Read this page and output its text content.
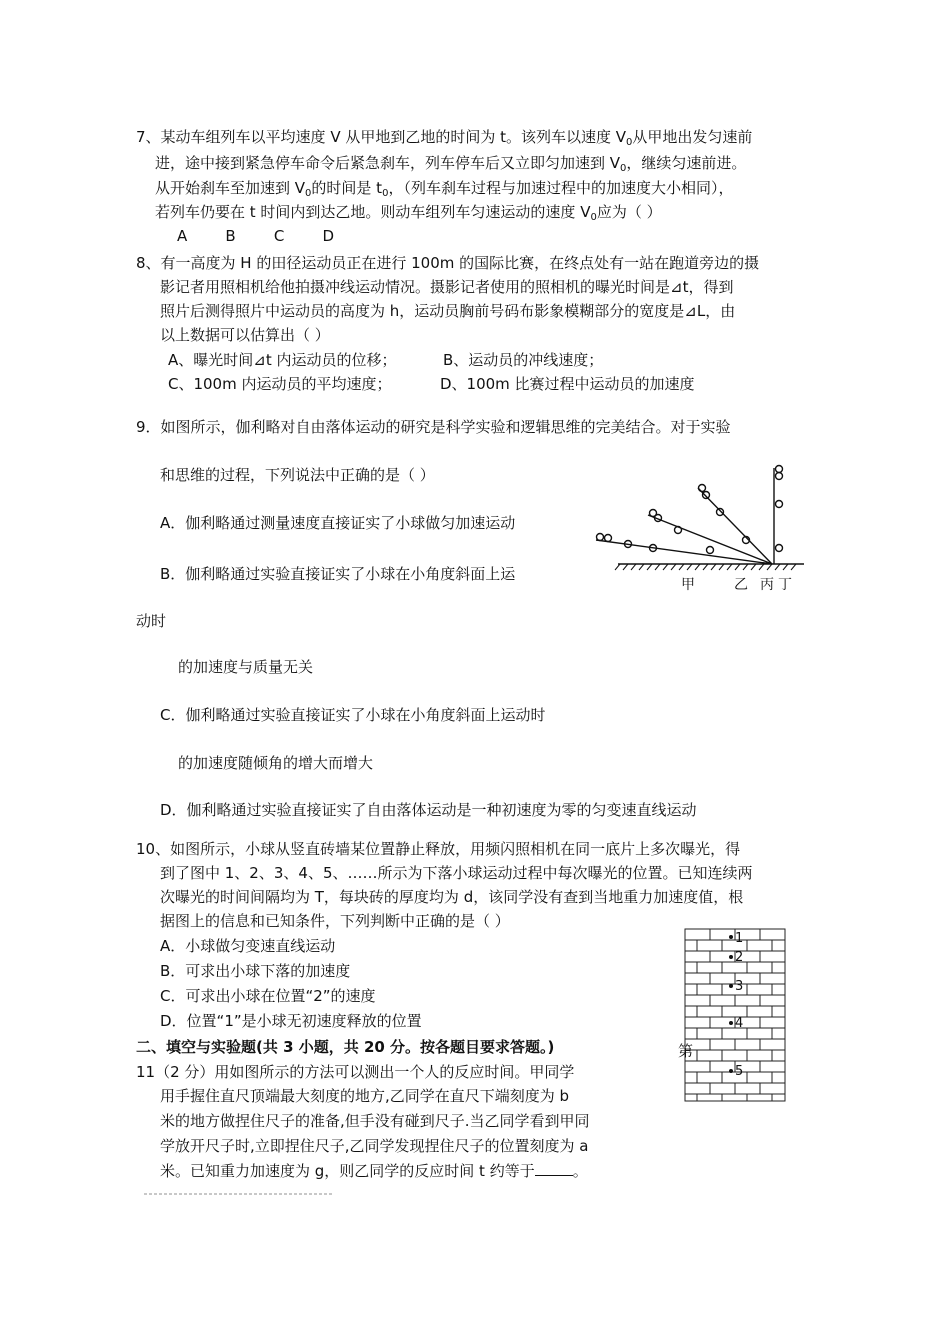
7、某动车组列车以平均速度 V 从甲地到乙地的时间为 t。该列车以速度 $V_0$从甲地出发匀速前
进，途中接到紧急停车命令后紧急刹车，列车停车后又立即匀加速到 $V_0$，继续匀速前进。
从开始刹车至加速到 $V_0$的时间是 $t_0$，（列车刹车过程与加速过程中的加速度大小相同），
若列车仍要在 t 时间内到达乙地。则动车组列车匀速运动的速度 $V_0$应为（ ）
A        B        C        D
8、有一高度为 H 的田径运动员正在进行 100m 的国际比赛，在终点处有一站在跑道旁边的摄
影记者用照相机给他拍摄冲线运动情况。摄影记者使用的照相机的曝光时间是⊿t，得到
照片后测得照片中运动员的高度为 h，运动员胸前号码布影象模糊部分的宽度是⊿L，由
以上数据可以估算出（ ）
A、曝光时间⊿t 内运动员的位移；	B、运动员的冲线速度；
C、100m 内运动员的平均速度；	D、100m 比赛过程中运动员的加速度
9．如图所示，伽利略对自由落体运动的研究是科学实验和逻辑思维的完美结合。对于实验
和思维的过程，下列说法中正确的是（ ）
A．伽利略通过测量速度直接证实了小球做匀加速运动
B．伽利略通过实验直接证实了小球在小角度斜面上运
动时
的加速度与质量无关
C．伽利略通过实验直接证实了小球在小角度斜面上运动时
的加速度随倾角的增大而增大
D．伽利略通过实验直接证实了自由落体运动是一种初速度为零的匀变速直线运动
甲	乙 丙 丁
10、如图所示，小球从竖直砖墙某位置静止释放，用频闪照相机在同一底片上多次曝光，得
到了图中 1、2、3、4、5、……所示为下落小球运动过程中每次曝光的位置。已知连续两
次曝光的时间间隔均为 T，每块砖的厚度均为 d，该同学没有查到当地重力加速度值，根
据图上的信息和已知条件，下列判断中正确的是（ ）
A．小球做匀变速直线运动
B．可求出小球下落的加速度
C．可求出小球在位置“2”的速度
D．位置“1”是小球无初速度释放的位置
1
2
3
4
5
第
二、填空与实验题(共 3 小题，共 20 分。按各题目要求答题。)
11（2 分）用如图所示的方法可以测出一个人的反应时间。甲同学
用手握住直尺顶端最大刻度的地方,乙同学在直尺下端刻度为 b
米的地方做捏住尺子的准备,但手没有碰到尺子.当乙同学看到甲同
学放开尺子时,立即捏住尺子,乙同学发现捏住尺子的位置刻度为 a
米。已知重力加速度为 g，则乙同学的反应时间 t 约等于	。
